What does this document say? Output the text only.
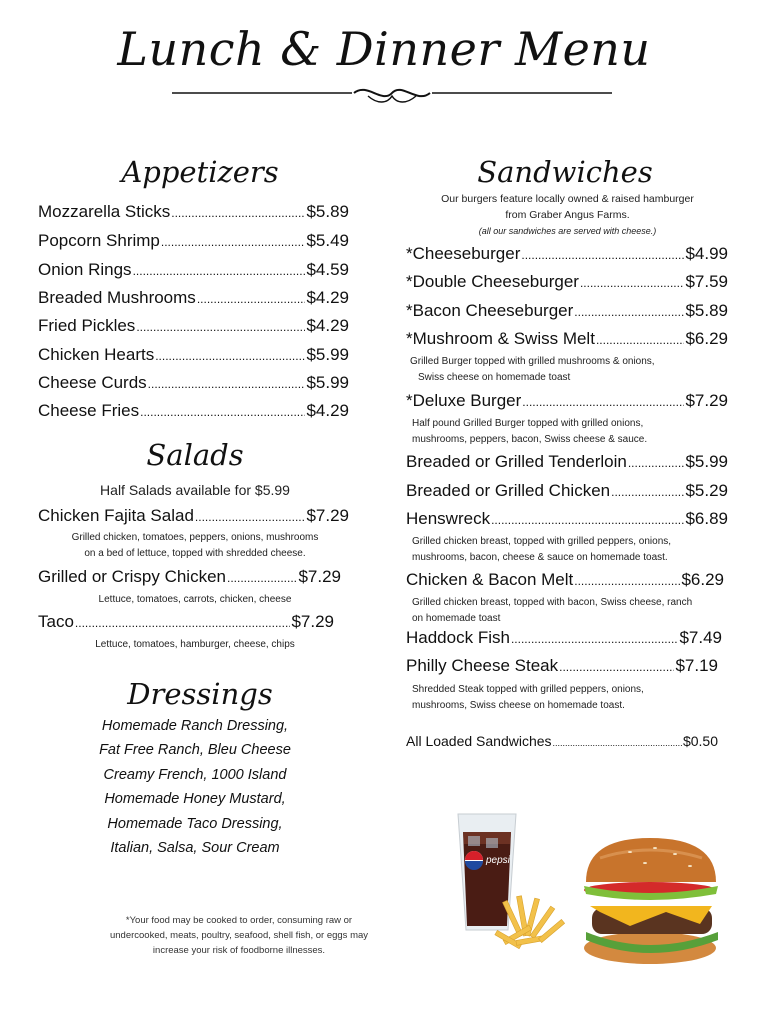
Lunch & Dinner Menu
Appetizers
Mozzarella Sticks .....	$5.89
Popcorn Shrimp .....	$5.49
Onion Rings .....	$4.59
Breaded Mushrooms .....	$4.29
Fried Pickles .....	$4.29
Chicken Hearts .....	$5.99
Cheese Curds .....	$5.99
Cheese Fries .....	$4.29
Salads
Half Salads available for $5.99
Chicken Fajita Salad .....	$7.29
Grilled chicken, tomatoes, peppers, onions, mushrooms
on a bed of lettuce, topped with shredded cheese.
Grilled or Crispy Chicken .....	$7.29
Lettuce, tomatoes, carrots, chicken, cheese
Taco .....	$7.29
Lettuce, tomatoes, hamburger, cheese, chips
Dressings
Homemade Ranch Dressing,
Fat Free Ranch, Bleu Cheese
Creamy French, 1000 Island
Homemade Honey Mustard,
Homemade Taco Dressing,
Italian, Salsa, Sour Cream
*Your food may be cooked to order, consuming raw or
undercooked, meats, poultry, seafood, shell fish, or eggs may
increase your risk of foodborne illnesses.
Sandwiches
Our burgers feature locally owned & raised hamburger
from Graber Angus Farms.
(all our sandwiches are served with cheese.)
*Cheeseburger .....	$4.99
*Double Cheeseburger .....	$7.59
*Bacon Cheeseburger .....	$5.89
*Mushroom & Swiss Melt .....	$6.29
Grilled Burger topped with grilled mushrooms & onions,
Swiss cheese on homemade toast
*Deluxe Burger .....	$7.29
Half pound Grilled Burger topped with grilled onions,
mushrooms, peppers, bacon, Swiss cheese & sauce.
Breaded or Grilled Tenderloin .....	$5.99
Breaded or Grilled Chicken .....	$5.29
Henswreck .....	$6.89
Grilled chicken breast, topped with grilled peppers, onions,
mushrooms, bacon, cheese & sauce on homemade toast.
Chicken & Bacon Melt .....	$6.29
Grilled chicken breast, topped with bacon, Swiss cheese, ranch
on homemade toast
Haddock Fish .....	$7.49
Philly Cheese Steak .....	$7.19
Shredded Steak topped with grilled peppers, onions,
mushrooms, Swiss cheese on homemade toast.
All Loaded Sandwiches .....	$0.50
pepsi
